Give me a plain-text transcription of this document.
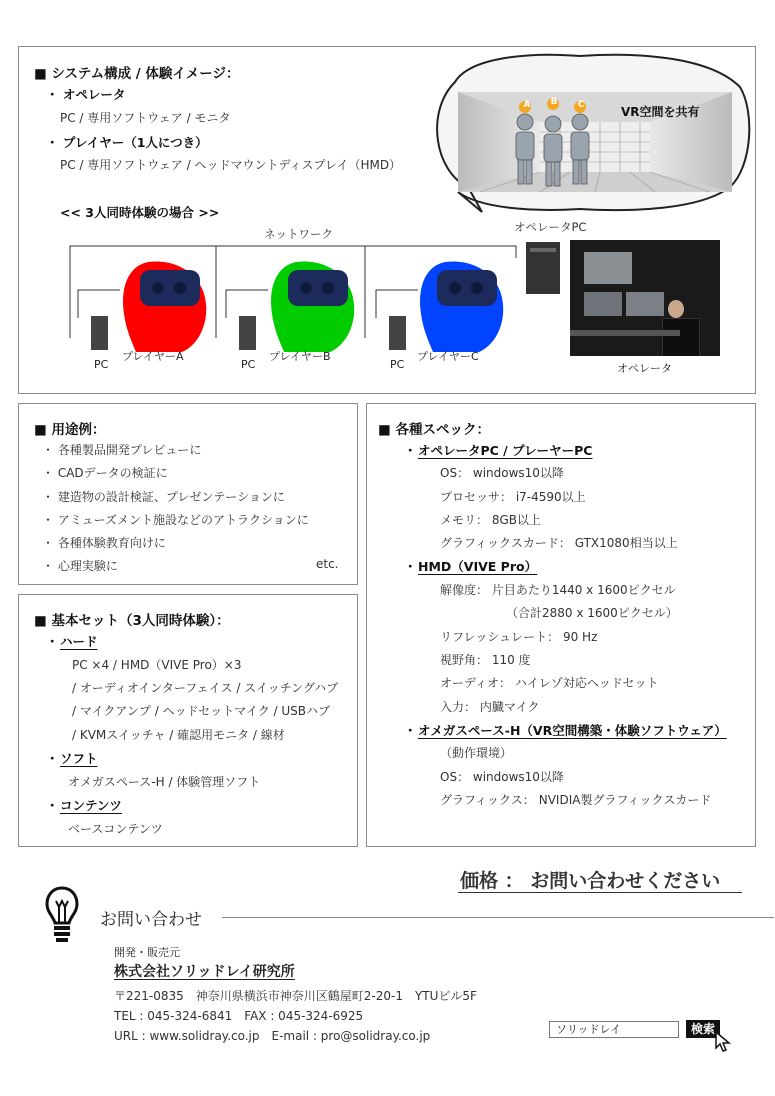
■ システム構成 / 体験イメージ：
・ オペレータ
PC / 専用ソフトウェア / モニタ
・ プレイヤー（1人につき）
PC / 専用ソフトウェア / ヘッドマウントディスプレイ（HMD）
<< 3人同時体験の場合 >>
A B C	VR空間を共有
ネットワーク	オペレータPC
PC	PC	PC
プレイヤーA	プレイヤーB	プレイヤーC
オペレータ
■ 用途例：
・ 各種製品開発プレビューに
・ CADデータの検証に
・ 建造物の設計検証、プレゼンテーションに
・ アミューズメント施設などのアトラクションに
・ 各種体験教育向けに
・ 心理実験に	etc.
■ 基本セット（3人同時体験）：
・ ハード
PC ×4 / HMD（VIVE Pro）×3
/ オーディオインターフェイス / スイッチングハブ
/ マイクアンプ / ヘッドセットマイク / USBハブ
/ KVMスイッチャ / 確認用モニタ / 線材
・ ソフト
オメガスペース-H / 体験管理ソフト
・ コンテンツ
ベースコンテンツ
■ 各種スペック：
・ オペレータPC / プレーヤーPC
OS： windows10以降
プロセッサ： i7-4590以上
メモリ： 8GB以上
グラフィックスカード： GTX1080相当以上
・ HMD（VIVE Pro）
解像度： 片目あたり1440 x 1600ピクセル
（合計2880 x 1600ピクセル）
リフレッシュレート： 90 Hz
視野角： 110 度
オーディオ： ハイレゾ対応ヘッドセット
入力： 内臓マイク
・ オメガスペース-H（VR空間構築・体験ソフトウェア）
（動作環境）
OS： windows10以降
グラフィックス： NVIDIA製グラフィックスカード
価格 ： お問い合わせください
お問い合わせ
開発・販売元
株式会社ソリッドレイ研究所
〒221-0835　神奈川県横浜市神奈川区鶴屋町2-20-1　YTUビル5F
TEL : 045-324-6841　FAX : 045-324-6925
URL : www.solidray.co.jp　E-mail : pro@solidray.co.jp	ソリッドレイ	検索
